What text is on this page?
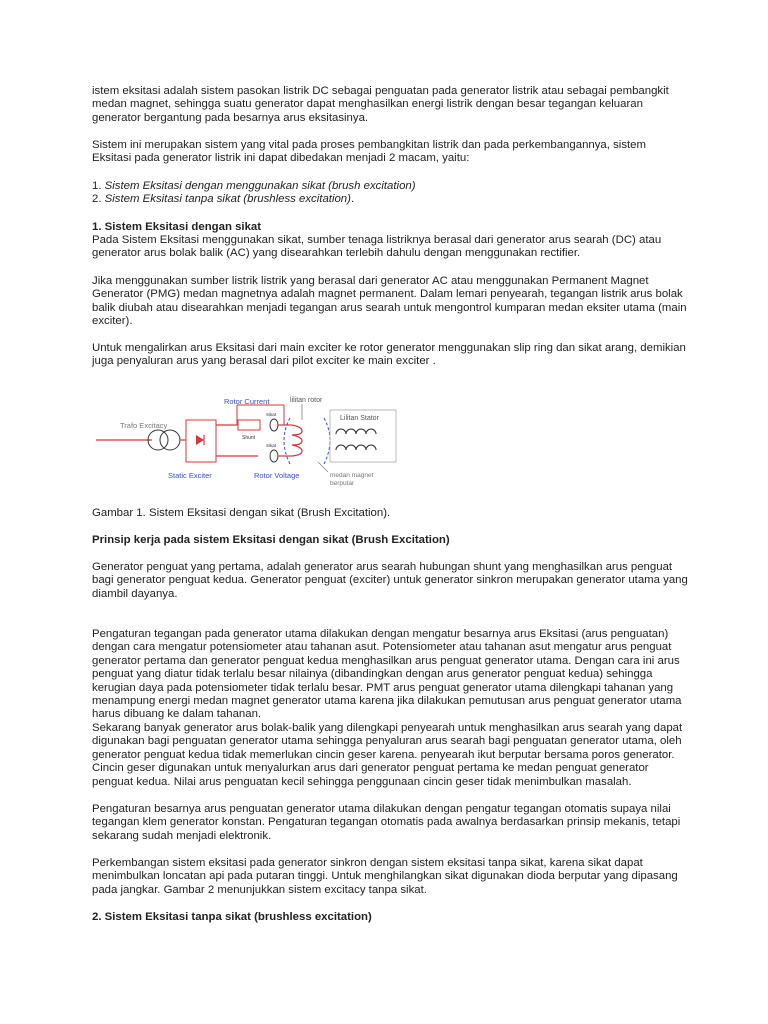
istem eksitasi adalah sistem pasokan listrik DC sebagai penguatan pada generator listrik atau sebagai pembangkit medan magnet, sehingga suatu generator dapat menghasilkan energi listrik dengan besar tegangan keluaran generator bergantung pada besarnya arus eksitasinya.

Sistem ini merupakan sistem yang vital pada proses pembangkitan listrik dan pada perkembangannya, sistem Eksitasi pada generator listrik ini dapat dibedakan menjadi 2 macam, yaitu:

1. Sistem Eksitasi dengan menggunakan sikat (brush excitation)
2. Sistem Eksitasi tanpa sikat (brushless excitation).
1. Sistem Eksitasi dengan sikat

Pada Sistem Eksitasi menggunakan sikat, sumber tenaga listriknya berasal dari generator arus searah (DC) atau generator arus bolak balik (AC) yang disearahkan terlebih dahulu dengan menggunakan rectifier.

Jika menggunakan sumber listrik listrik yang berasal dari generator AC atau menggunakan Permanent Magnet Generator (PMG) medan magnetnya adalah magnet permanent. Dalam lemari penyearah, tegangan listrik arus bolak balik diubah atau disearahkan menjadi tegangan arus searah untuk mengontrol kumparan medan eksiter utama (main exciter).

Untuk mengalirkan arus Eksitasi dari main exciter ke rotor generator menggunakan slip ring dan sikat arang, demikian juga penyaluran arus yang berasal dari pilot exciter ke main exciter .

Trafo Excitacy
Static Exciter
Rotor Current
Shunt
Sikat
Sikat
Rotor Voltage
lilitan rotor
Lilitan Stator
medan magnet
berputar

Gambar 1. Sistem Eksitasi dengan sikat (Brush Excitation).

Prinsip kerja pada sistem Eksitasi dengan sikat (Brush Excitation)

Generator penguat yang pertama, adalah generator arus searah hubungan shunt yang menghasilkan arus penguat bagi generator penguat kedua. Generator penguat (exciter) untuk generator sinkron merupakan generator utama yang diambil dayanya.

Pengaturan tegangan pada generator utama dilakukan dengan mengatur besarnya arus Eksitasi (arus penguatan) dengan cara mengatur potensiometer atau tahanan asut. Potensiometer atau tahanan asut mengatur arus penguat generator pertama dan generator penguat kedua menghasilkan arus penguat generator utama. Dengan cara ini arus penguat yang diatur tidak terlalu besar nilainya (dibandingkan dengan arus generator penguat kedua) sehingga kerugian daya pada potensiometer tidak terlalu besar. PMT arus penguat generator utama dilengkapi tahanan yang menampung energi medan magnet generator utama karena jika dilakukan pemutusan arus penguat generator utama harus dibuang ke dalam tahanan.

Sekarang banyak generator arus bolak-balik yang dilengkapi penyearah untuk menghasilkan arus searah yang dapat digunakan bagi penguatan generator utama sehingga penyaluran arus searah bagi penguatan generator utama, oleh generator penguat kedua tidak memerlukan cincin geser karena. penyearah ikut berputar bersama poros generator. Cincin geser digunakan untuk menyalurkan arus dari generator penguat pertama ke medan penguat generator penguat kedua. Nilai arus penguatan kecil sehingga penggunaan cincin geser tidak menimbulkan masalah.

Pengaturan besarnya arus penguatan generator utama dilakukan dengan pengatur tegangan otomatis supaya nilai tegangan klem generator konstan. Pengaturan tegangan otomatis pada awalnya berdasarkan prinsip mekanis, tetapi sekarang sudah menjadi elektronik.

Perkembangan sistem eksitasi pada generator sinkron dengan sistem eksitasi tanpa sikat, karena sikat dapat menimbulkan loncatan api pada putaran tinggi. Untuk menghilangkan sikat digunakan dioda berputar yang dipasang pada jangkar. Gambar 2 menunjukkan sistem excitacy tanpa sikat.

2. Sistem Eksitasi tanpa sikat (brushless excitation)
